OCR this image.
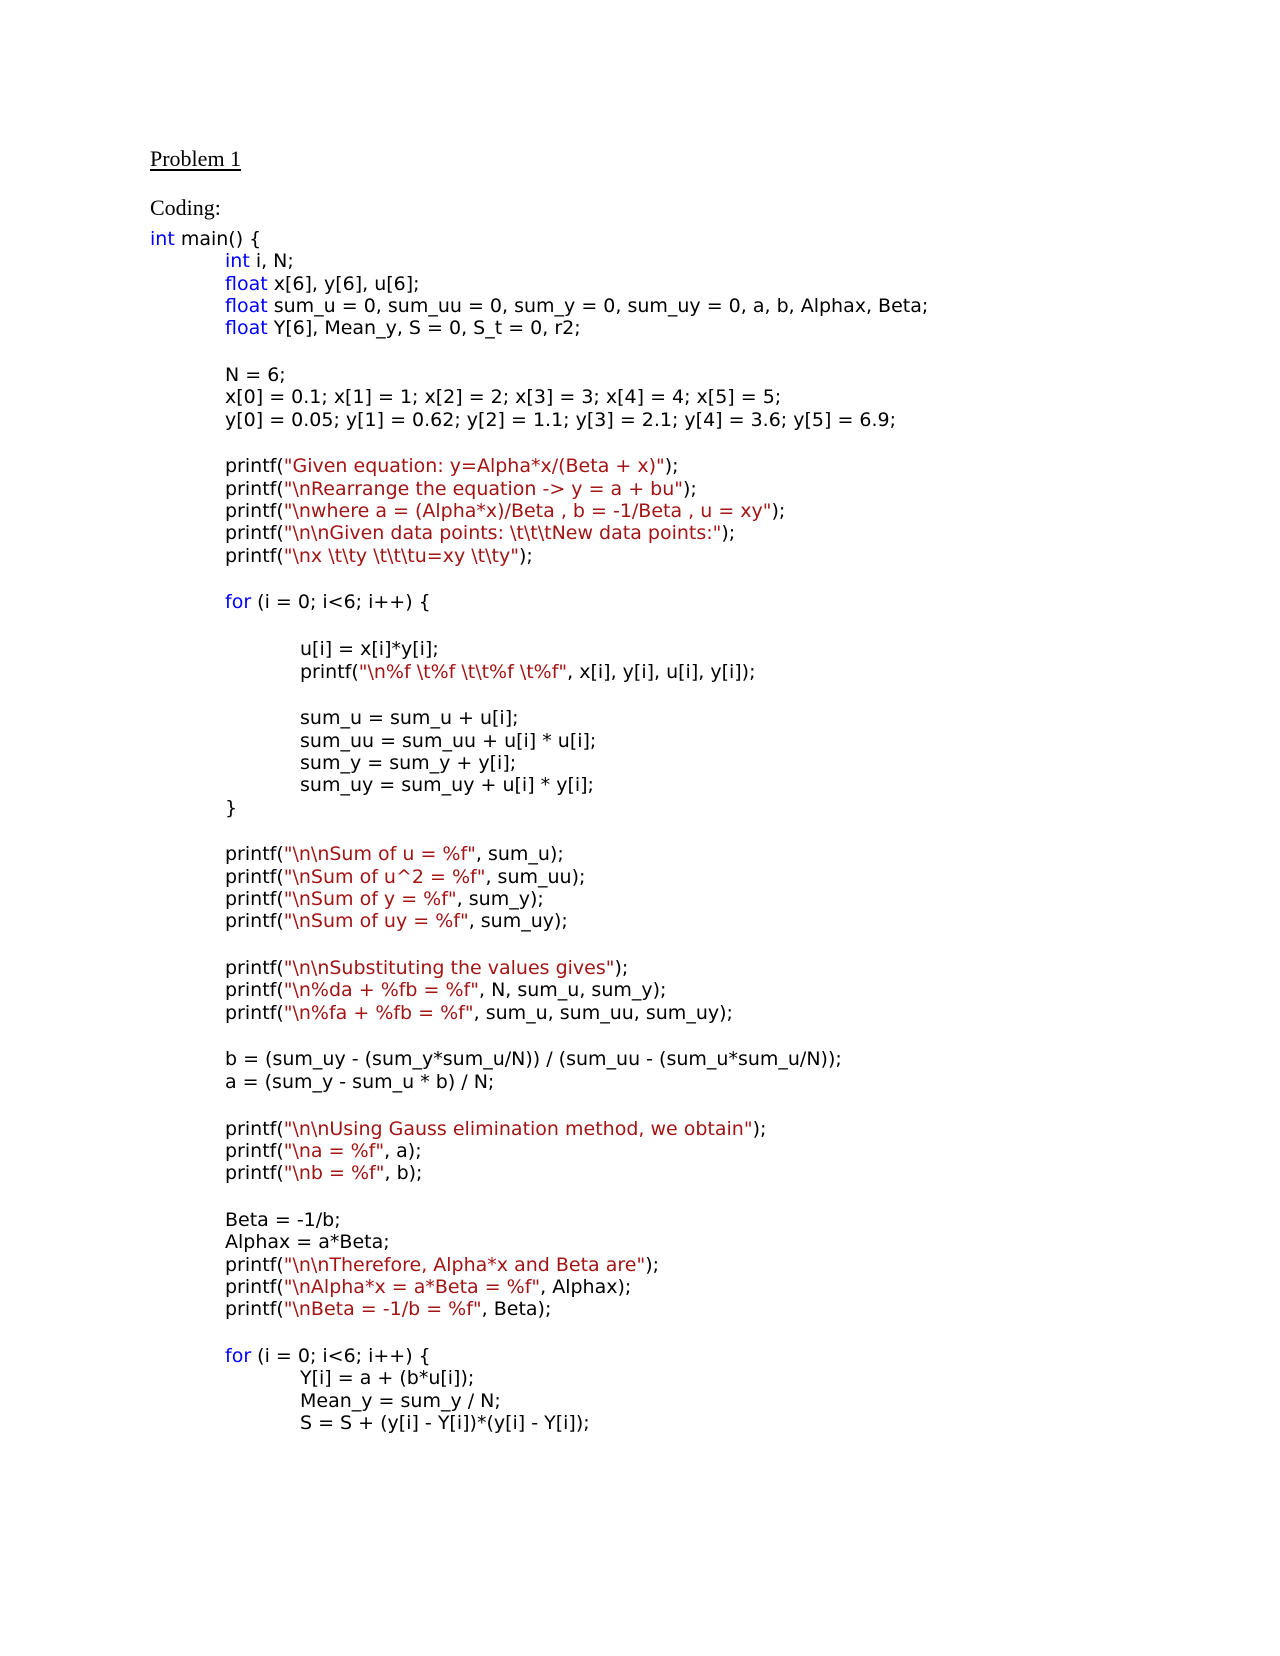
Problem 1
Coding:
int main() {
int i, N;
float x[6], y[6], u[6];
float sum_u = 0, sum_uu = 0, sum_y = 0, sum_uy = 0, a, b, Alphax, Beta;
float Y[6], Mean_y, S = 0, S_t = 0, r2;
N = 6;
x[0] = 0.1; x[1] = 1; x[2] = 2; x[3] = 3; x[4] = 4; x[5] = 5;
y[0] = 0.05; y[1] = 0.62; y[2] = 1.1; y[3] = 2.1; y[4] = 3.6; y[5] = 6.9;
printf("Given equation: y=Alpha*x/(Beta + x)");
printf("\nRearrange the equation -> y = a + bu");
printf("\nwhere a = (Alpha*x)/Beta , b = -1/Beta , u = xy");
printf("\n\nGiven data points: \t\t\tNew data points:");
printf("\nx \t\ty \t\t\tu=xy \t\ty");
for (i = 0; i<6; i++) {
u[i] = x[i]*y[i];
printf("\n%f \t%f \t\t%f \t%f", x[i], y[i], u[i], y[i]);
sum_u = sum_u + u[i];
sum_uu = sum_uu + u[i] * u[i];
sum_y = sum_y + y[i];
sum_uy = sum_uy + u[i] * y[i];
}
printf("\n\nSum of u = %f", sum_u);
printf("\nSum of u^2 = %f", sum_uu);
printf("\nSum of y = %f", sum_y);
printf("\nSum of uy = %f", sum_uy);
printf("\n\nSubstituting the values gives");
printf("\n%da + %fb = %f", N, sum_u, sum_y);
printf("\n%fa + %fb = %f", sum_u, sum_uu, sum_uy);
b = (sum_uy - (sum_y*sum_u/N)) / (sum_uu - (sum_u*sum_u/N));
a = (sum_y - sum_u * b) / N;
printf("\n\nUsing Gauss elimination method, we obtain");
printf("\na = %f", a);
printf("\nb = %f", b);
Beta = -1/b;
Alphax = a*Beta;
printf("\n\nTherefore, Alpha*x and Beta are");
printf("\nAlpha*x = a*Beta = %f", Alphax);
printf("\nBeta = -1/b = %f", Beta);
for (i = 0; i<6; i++) {
Y[i] = a + (b*u[i]);
Mean_y = sum_y / N;
S = S + (y[i] - Y[i])*(y[i] - Y[i]);
